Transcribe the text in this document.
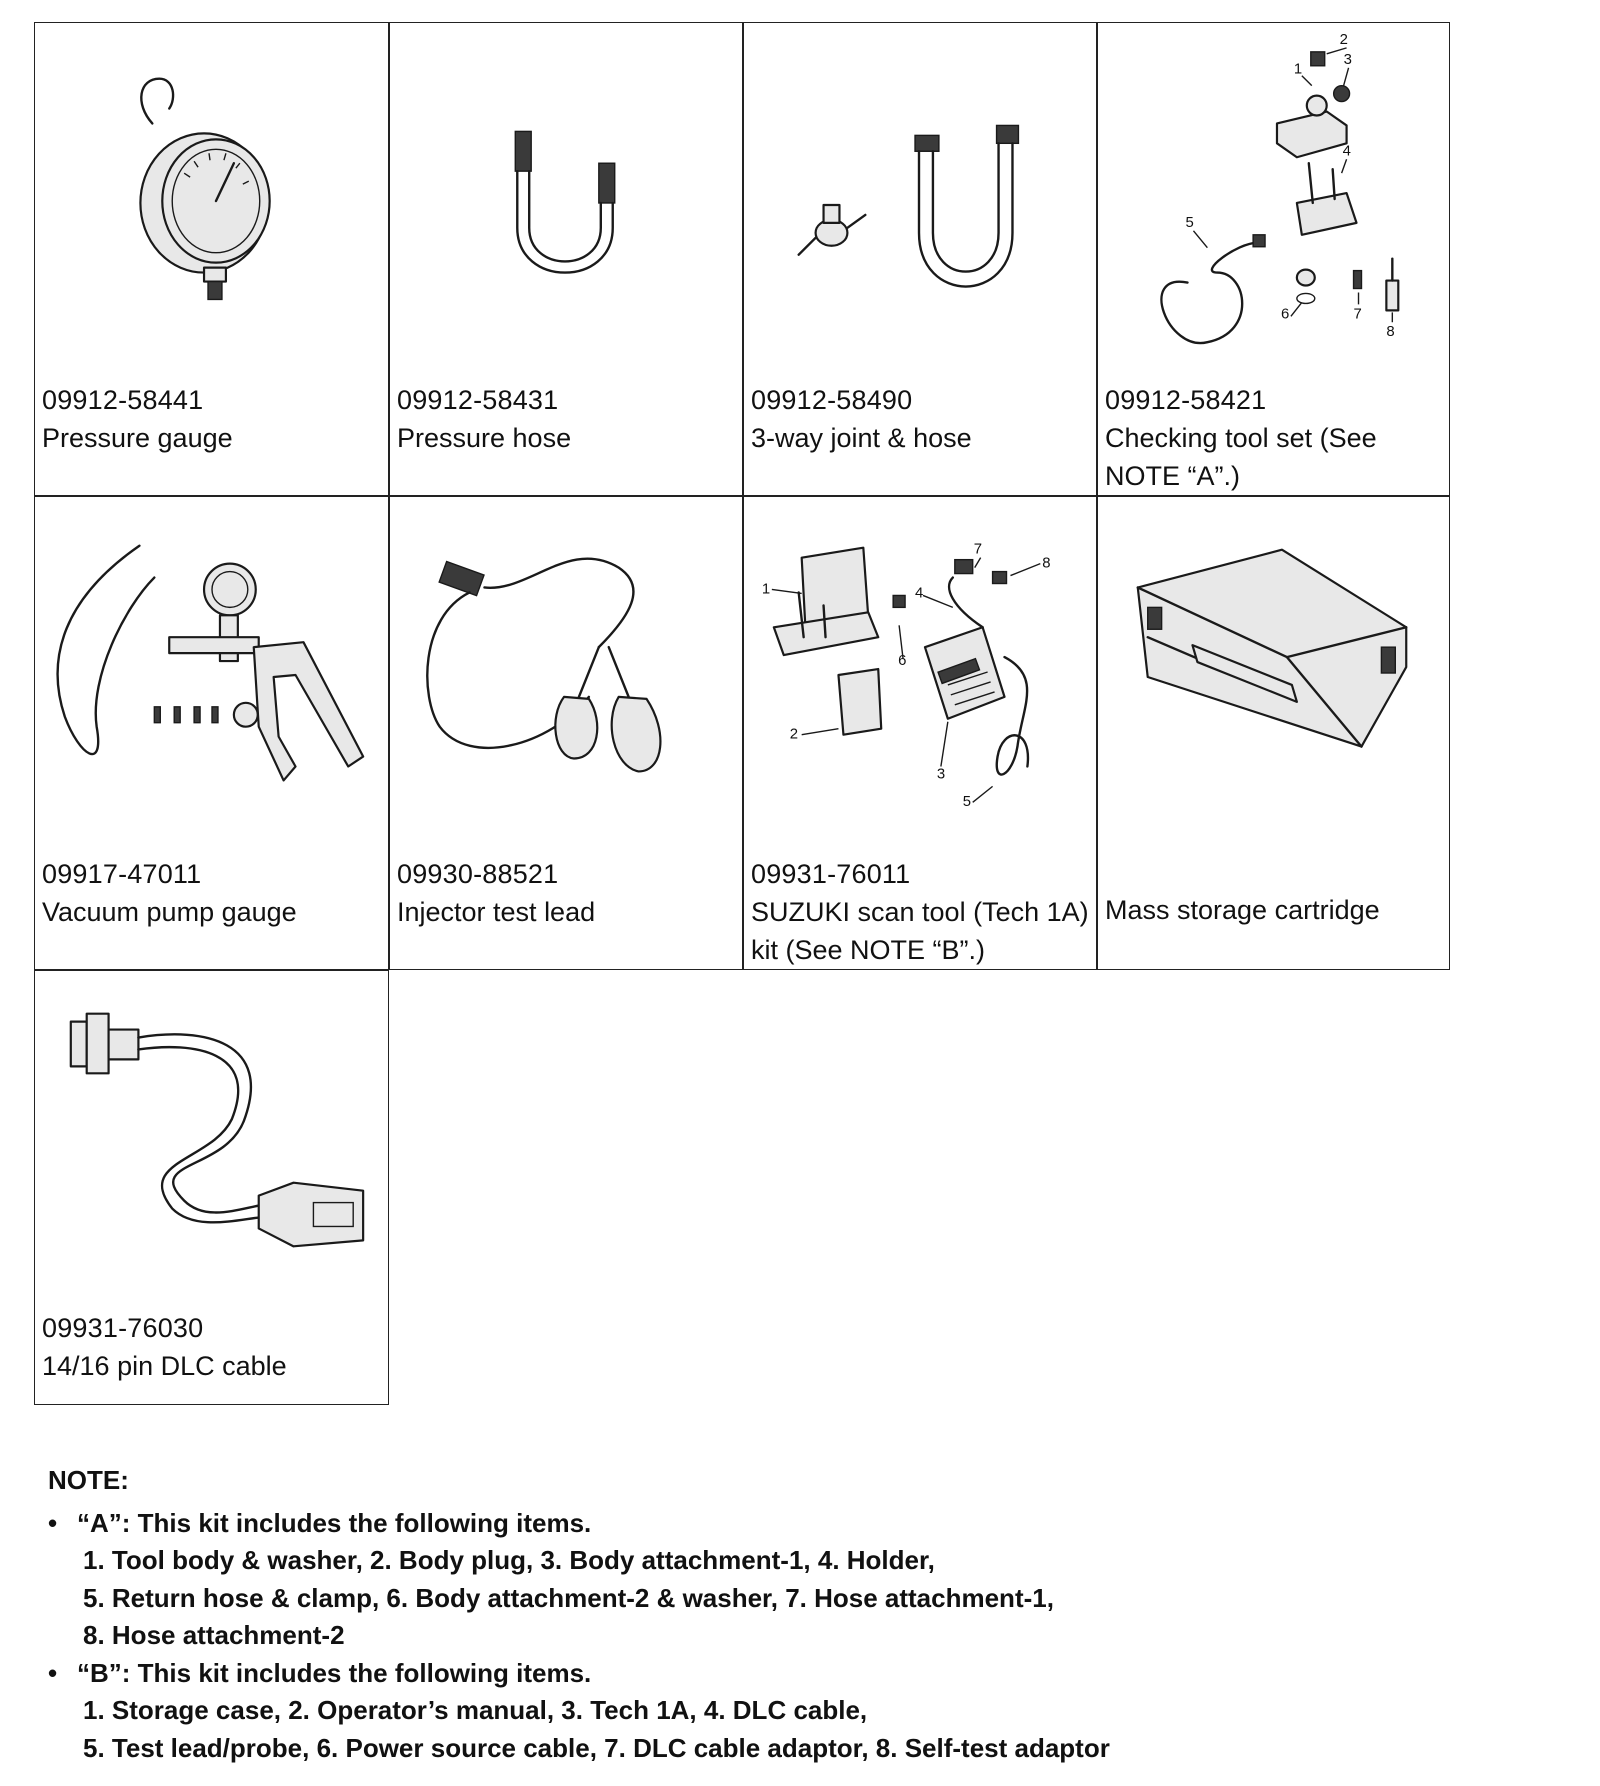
09912-58441
Pressure gauge
09912-58431
Pressure hose
09912-58490
3-way joint & hose
1
2
3
4
5
6	7
8
09912-58421
Checking tool set (See NOTE “A”.)
09917-47011
Vacuum pump gauge
09930-88521
Injector test lead
1
2
3
4
5
6
7
8
09931-76011
SUZUKI scan tool (Tech 1A) kit (See NOTE “B”.)
Mass storage cartridge
09931-76030
14/16 pin DLC cable
NOTE:
• “A”: This kit includes the following items.
1. Tool body & washer, 2. Body plug, 3. Body attachment-1, 4. Holder,
5. Return hose & clamp, 6. Body attachment-2 & washer, 7. Hose attachment-1,
8. Hose attachment-2
• “B”: This kit includes the following items.
1. Storage case, 2. Operator’s manual, 3. Tech 1A, 4. DLC cable,
5. Test lead/probe, 6. Power source cable, 7. DLC cable adaptor, 8. Self-test adaptor
